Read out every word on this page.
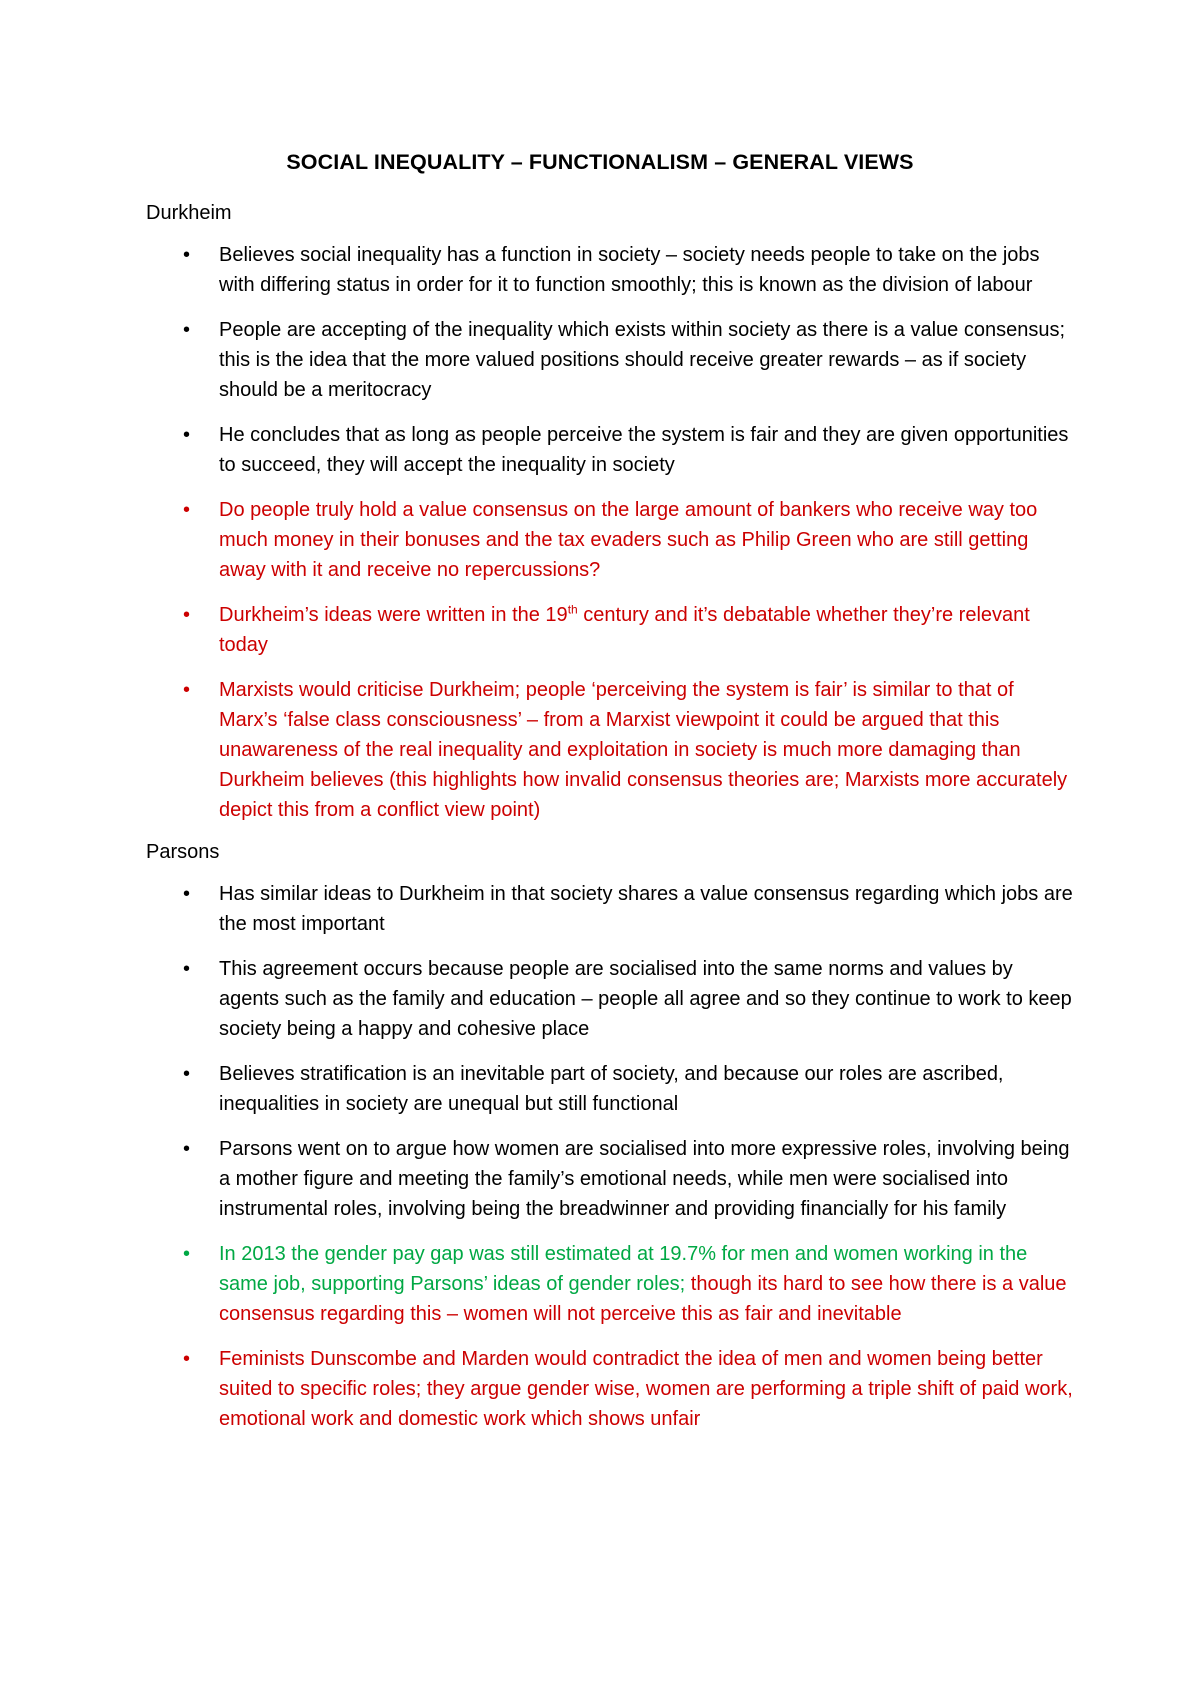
SOCIAL INEQUALITY – FUNCTIONALISM – GENERAL VIEWS
Durkheim
• Believes social inequality has a function in society – society needs people to take on the jobs with differing status in order for it to function smoothly; this is known as the division of labour
• People are accepting of the inequality which exists within society as there is a value consensus; this is the idea that the more valued positions should receive greater rewards – as if society should be a meritocracy
• He concludes that as long as people perceive the system is fair and they are given opportunities to succeed, they will accept the inequality in society
• Do people truly hold a value consensus on the large amount of bankers who receive way too much money in their bonuses and the tax evaders such as Philip Green who are still getting away with it and receive no repercussions?
• Durkheim’s ideas were written in the 19th century and it’s debatable whether they’re relevant today
• Marxists would criticise Durkheim; people ‘perceiving the system is fair’ is similar to that of Marx’s ‘false class consciousness’ – from a Marxist viewpoint it could be argued that this unawareness of the real inequality and exploitation in society is much more damaging than Durkheim believes (this highlights how invalid consensus theories are; Marxists more accurately depict this from a conflict view point)
Parsons
• Has similar ideas to Durkheim in that society shares a value consensus regarding which jobs are the most important
• This agreement occurs because people are socialised into the same norms and values by agents such as the family and education – people all agree and so they continue to work to keep society being a happy and cohesive place
• Believes stratification is an inevitable part of society, and because our roles are ascribed, inequalities in society are unequal but still functional
• Parsons went on to argue how women are socialised into more expressive roles, involving being a mother figure and meeting the family’s emotional needs, while men were socialised into instrumental roles, involving being the breadwinner and providing financially for his family
• In 2013 the gender pay gap was still estimated at 19.7% for men and women working in the same job, supporting Parsons’ ideas of gender roles; though its hard to see how there is a value consensus regarding this – women will not perceive this as fair and inevitable
• Feminists Dunscombe and Marden would contradict the idea of men and women being better suited to specific roles; they argue gender wise, women are performing a triple shift of paid work, emotional work and domestic work which shows unfair
